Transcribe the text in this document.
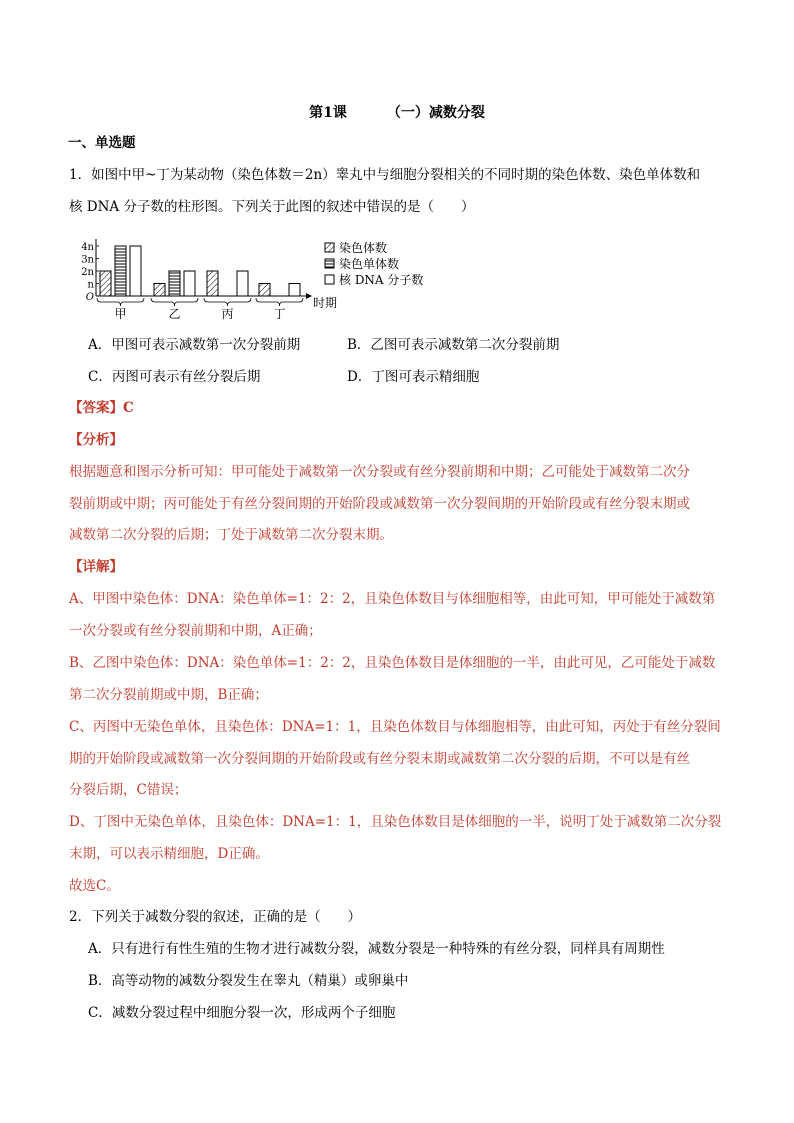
第1课	（一）减数分裂
一、单选题
1．如图中甲~丁为某动物（染色体数＝2n）睾丸中与细胞分裂相关的不同时期的染色体数、染色单体数和
核 DNA 分子数的柱形图。下列关于此图的叙述中错误的是（　　）
O
n
2n
3n
4n
时期
甲	乙	丙	丁
染色体数
染色单体数
核 DNA 分子数
A．甲图可表示减数第一次分裂前期	B．乙图可表示减数第二次分裂前期
C．丙图可表示有丝分裂后期	D．丁图可表示精细胞
【答案】C
【分析】
根据题意和图示分析可知：甲可能处于减数第一次分裂或有丝分裂前期和中期；乙可能处于减数第二次分
裂前期或中期；丙可能处于有丝分裂间期的开始阶段或减数第一次分裂间期的开始阶段或有丝分裂末期或
减数第二次分裂的后期；丁处于减数第二次分裂末期。
【详解】
A、甲图中染色体：DNA：染色单体=1：2：2，且染色体数目与体细胞相等，由此可知，甲可能处于减数第
一次分裂或有丝分裂前期和中期，A正确；
B、乙图中染色体：DNA：染色单体=1：2：2，且染色体数目是体细胞的一半，由此可见，乙可能处于减数
第二次分裂前期或中期，B正确；
C、丙图中无染色单体，且染色体：DNA=1：1，且染色体数目与体细胞相等，由此可知，丙处于有丝分裂间
期的开始阶段或减数第一次分裂间期的开始阶段或有丝分裂末期或减数第二次分裂的后期，不可以是有丝
分裂后期，C错误；
D、丁图中无染色单体，且染色体：DNA=1：1，且染色体数目是体细胞的一半，说明丁处于减数第二次分裂
末期，可以表示精细胞，D正确。
故选C。
2．下列关于减数分裂的叙述，正确的是（　　）
A．只有进行有性生殖的生物才进行减数分裂，减数分裂是一种特殊的有丝分裂，同样具有周期性
B．高等动物的减数分裂发生在睾丸（精巢）或卵巢中
C．减数分裂过程中细胞分裂一次，形成两个子细胞
